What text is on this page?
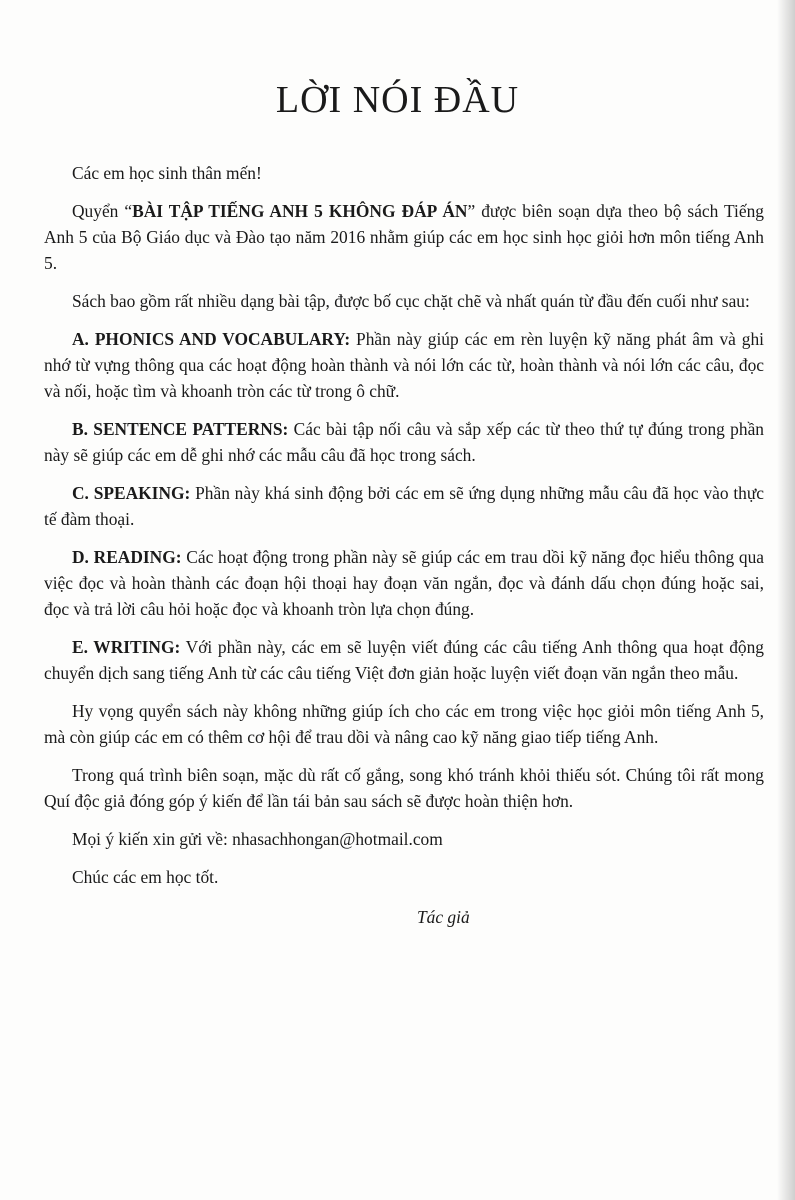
LỜI NÓI ĐẦU

Các em học sinh thân mến!

Quyển “BÀI TẬP TIẾNG ANH 5 KHÔNG ĐÁP ÁN” được biên soạn dựa theo bộ sách Tiếng Anh 5 của Bộ Giáo dục và Đào tạo năm 2016 nhằm giúp các em học sinh học giỏi hơn môn tiếng Anh 5.

Sách bao gồm rất nhiều dạng bài tập, được bố cục chặt chẽ và nhất quán từ đầu đến cuối như sau:

A. PHONICS AND VOCABULARY: Phần này giúp các em rèn luyện kỹ năng phát âm và ghi nhớ từ vựng thông qua các hoạt động hoàn thành và nói lớn các từ, hoàn thành và nói lớn các câu, đọc và nối, hoặc tìm và khoanh tròn các từ trong ô chữ.

B. SENTENCE PATTERNS: Các bài tập nối câu và sắp xếp các từ theo thứ tự đúng trong phần này sẽ giúp các em dễ ghi nhớ các mẫu câu đã học trong sách.

C. SPEAKING: Phần này khá sinh động bởi các em sẽ ứng dụng những mẫu câu đã học vào thực tế đàm thoại.

D. READING: Các hoạt động trong phần này sẽ giúp các em trau dồi kỹ năng đọc hiểu thông qua việc đọc và hoàn thành các đoạn hội thoại hay đoạn văn ngắn, đọc và đánh dấu chọn đúng hoặc sai, đọc và trả lời câu hỏi hoặc đọc và khoanh tròn lựa chọn đúng.

E. WRITING: Với phần này, các em sẽ luyện viết đúng các câu tiếng Anh thông qua hoạt động chuyển dịch sang tiếng Anh từ các câu tiếng Việt đơn giản hoặc luyện viết đoạn văn ngắn theo mẫu.

Hy vọng quyển sách này không những giúp ích cho các em trong việc học giỏi môn tiếng Anh 5, mà còn giúp các em có thêm cơ hội để trau dồi và nâng cao kỹ năng giao tiếp tiếng Anh.

Trong quá trình biên soạn, mặc dù rất cố gắng, song khó tránh khỏi thiếu sót. Chúng tôi rất mong Quí độc giả đóng góp ý kiến để lần tái bản sau sách sẽ được hoàn thiện hơn.

Mọi ý kiến xin gửi về: nhasachhongan@hotmail.com

Chúc các em học tốt.

Tác giả
